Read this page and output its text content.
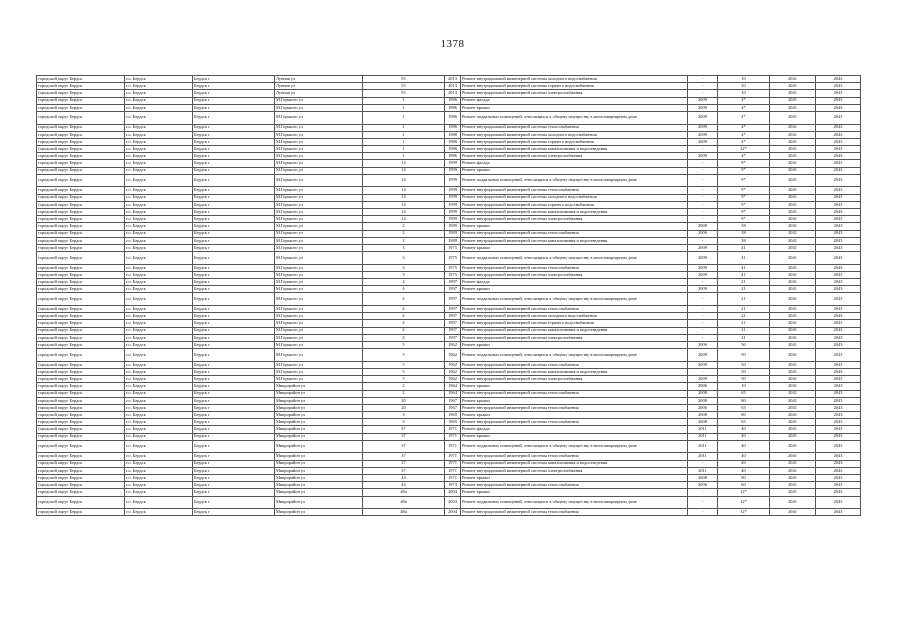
1378
городской округ Бердск	г.о. Бердск	Бердск г	Лунная ул	55	2013	Ремонт внутридомовой инженерной системы холодного водоснабжения	-	10	2041	2043
городской округ Бердск	г.о. Бердск	Бердск г	Лунная ул	55	2013	Ремонт внутридомовой инженерной системы горячего водоснабжения	-	20	2041	2043
городской округ Бердск	г.о. Бердск	Бердск г	Лунная ул	55	2013	Ремонт внутридомовой инженерной системы электроснабжения	-	10	2041	2043
городской округ Бердск	г.о. Бердск	Бердск г	М.Горького ул	1	1986	Ремонт фасада	2009	4*	2041	2043
городской округ Бердск	г.о. Бердск	Бердск г	М.Горького ул	1	1986	Ремонт крыши	2009	4*	2041	2043
городской округ Бердск	г.о. Бердск	Бердск г	М.Горького ул	1	1986	Ремонт подвальных помещений, относящихся к общему имуществу в многоквартирном доме	2009	4*	2041	2043
городской округ Бердск	г.о. Бердск	Бердск г	М.Горького ул	1	1986	Ремонт внутридомовой инженерной системы теплоснабжения	2009	4*	2041	2043
городской округ Бердск	г.о. Бердск	Бердск г	М.Горького ул	1	1986	Ремонт внутридомовой инженерной системы холодного водоснабжения	2009	4*	2041	2043
городской округ Бердск	г.о. Бердск	Бердск г	М.Горького ул	1	1986	Ремонт внутридомовой инженерной системы горячего водоснабжения	2009	4*	2041	2043
городской округ Бердск	г.о. Бердск	Бердск г	М.Горького ул	1	1986	Ремонт внутридомовой инженерной системы канализования и водоотведения	-	22*	2041	2043
городской округ Бердск	г.о. Бердск	Бердск г	М.Горького ул	1	1986	Ремонт внутридомовой инженерной системы электроснабжения	2009	4*	2041	2043
городской округ Бердск	г.о. Бердск	Бердск г	М.Горького ул	14	1999	Ремонт фасада	-	9*	2041	2043
городской округ Бердск	г.о. Бердск	Бердск г	М.Горького ул	14	1999	Ремонт крыши	-	9*	2041	2043
городской округ Бердск	г.о. Бердск	Бердск г	М.Горького ул	14	1999	Ремонт подвальных помещений, относящихся к общему имуществу в многоквартирном доме	-	9*	2041	2043
городской округ Бердск	г.о. Бердск	Бердск г	М.Горького ул	14	1999	Ремонт внутридомовой инженерной системы теплоснабжения	-	9*	2041	2043
городской округ Бердск	г.о. Бердск	Бердск г	М.Горького ул	14	1999	Ремонт внутридомовой инженерной системы холодного водоснабжения	-	9*	2041	2043
городской округ Бердск	г.о. Бердск	Бердск г	М.Горького ул	14	1999	Ремонт внутридомовой инженерной системы горячего водоснабжения	-	9*	2041	2043
городской округ Бердск	г.о. Бердск	Бердск г	М.Горького ул	14	1999	Ремонт внутридомовой инженерной системы канализования и водоотведения	-	9*	2041	2043
городской округ Бердск	г.о. Бердск	Бердск г	М.Горького ул	14	1999	Ремонт внутридомовой инженерной системы электроснабжения	-	9*	2041	2043
городской округ Бердск	г.о. Бердск	Бердск г	М.Горького ул	2	1989	Ремонт крыши	2008	38	2041	2043
городской округ Бердск	г.о. Бердск	Бердск г	М.Горького ул	2	1989	Ремонт внутридомовой инженерной системы теплоснабжения	2006	38	2041	2043
городской округ Бердск	г.о. Бердск	Бердск г	М.Горького ул	2	1989	Ремонт внутридомовой инженерной системы канализования и водоотведения	-	38	2041	2043
городской округ Бердск	г.о. Бердск	Бердск г	М.Горького ул	3	1975	Ремонт крыши	2009	41	2041	2043
городской округ Бердск	г.о. Бердск	Бердск г	М.Горького ул	3	1975	Ремонт подвальных помещений, относящихся к общему имуществу в многоквартирном доме	2009	41	2041	2043
городской округ Бердск	г.о. Бердск	Бердск г	М.Горького ул	3	1975	Ремонт внутридомовой инженерной системы теплоснабжения	2009	41	2041	2043
городской округ Бердск	г.о. Бердск	Бердск г	М.Горького ул	3	1975	Ремонт внутридомовой инженерной системы электроснабжения	2009	41	2041	2043
городской округ Бердск	г.о. Бердск	Бердск г	М.Горького ул	4	1997	Ремонт фасада	-	21	2041	2043
городской округ Бердск	г.о. Бердск	Бердск г	М.Горького ул	4	1997	Ремонт крыши	2009	21	2041	2043
городской округ Бердск	г.о. Бердск	Бердск г	М.Горького ул	4	1997	Ремонт подвальных помещений, относящихся к общему имуществу в многоквартирном доме	-	21	2041	2043
городской округ Бердск	г.о. Бердск	Бердск г	М.Горького ул	4	1997	Ремонт внутридомовой инженерной системы теплоснабжения	-	21	2041	2043
городской округ Бердск	г.о. Бердск	Бердск г	М.Горького ул	4	1997	Ремонт внутридомовой инженерной системы холодного водоснабжения	-	21	2041	2043
городской округ Бердск	г.о. Бердск	Бердск г	М.Горького ул	4	1997	Ремонт внутридомовой инженерной системы горячего водоснабжения	-	21	2041	2043
городской округ Бердск	г.о. Бердск	Бердск г	М.Горького ул	4	1997	Ремонт внутридомовой инженерной системы канализования и водоотведения	-	21	2041	2043
городской округ Бердск	г.о. Бердск	Бердск г	М.Горького ул	4	1997	Ремонт внутридомовой инженерной системы электроснабжения	-	21	2041	2043
городской округ Бердск	г.о. Бердск	Бердск г	М.Горького ул	5	1962	Ремонт крыши	2006	50	2041	2043
городской округ Бердск	г.о. Бердск	Бердск г	М.Горького ул	5	1962	Ремонт подвальных помещений, относящихся к общему имуществу в многоквартирном доме	2009	50	2041	2043
городской округ Бердск	г.о. Бердск	Бердск г	М.Горького ул	5	1962	Ремонт внутридомовой инженерной системы теплоснабжения	2009	50	2041	2043
городской округ Бердск	г.о. Бердск	Бердск г	М.Горького ул	5	1962	Ремонт внутридомовой инженерной системы канализования и водоотведения	-	50	2041	2043
городской округ Бердск	г.о. Бердск	Бердск г	М.Горького ул	5	1962	Ремонт внутридомовой инженерной системы электроснабжения	2009	50	2041	2043
городской округ Бердск	г.о. Бердск	Бердск г	Микрорайон ул	2	1964	Ремонт крыши	2006	10	2041	2043
городской округ Бердск	г.о. Бердск	Бердск г	Микрорайон ул	2	1964	Ремонт внутридомовой инженерной системы теплоснабжения	2008	65	2041	2043
городской округ Бердск	г.о. Бердск	Бердск г	Микрорайон ул	20	1967	Ремонт крыши	2008	80	2041	2043
городской округ Бердск	г.о. Бердск	Бердск г	Микрорайон ул	20	1967	Ремонт внутридомовой инженерной системы теплоснабжения	2006	65	2041	2043
городской округ Бердск	г.о. Бердск	Бердск г	Микрорайон ул	3	1965	Ремонт крыши	2008	80	2041	2043
городской округ Бердск	г.о. Бердск	Бердск г	Микрорайон ул	3	1965	Ремонт внутридомовой инженерной системы теплоснабжения	2008	65	2041	2043
городской округ Бердск	г.о. Бердск	Бердск г	Микрорайон ул	37	1971	Ремонт фасада	2011	40	2041	2043
городской округ Бердск	г.о. Бердск	Бердск г	Микрорайон ул	37	1971	Ремонт крыши	2011	40	2041	2043
городской округ Бердск	г.о. Бердск	Бердск г	Микрорайон ул	37	1971	Ремонт подвальных помещений, относящихся к общему имуществу в многоквартирном доме	2011	40	2041	2043
городской округ Бердск	г.о. Бердск	Бердск г	Микрорайон ул	37	1971	Ремонт внутридомовой инженерной системы теплоснабжения	2011	40	2041	2043
городской округ Бердск	г.о. Бердск	Бердск г	Микрорайон ул	37	1971	Ремонт внутридомовой инженерной системы канализования и водоотведения	-	40	2041	2043
городской округ Бердск	г.о. Бердск	Бердск г	Микрорайон ул	37	1971	Ремонт внутридомовой инженерной системы электроснабжения	2011	40	2041	2043
городской округ Бердск	г.о. Бердск	Бердск г	Микрорайон ул	44	1971	Ремонт крыши	2008	80	2041	2043
городской округ Бердск	г.о. Бердск	Бердск г	Микрорайон ул	44	1973	Ремонт внутридомовой инженерной системы теплоснабжения	2006	60	2041	2043
городской округ Бердск	г.о. Бердск	Бердск г	Микрорайон ул	48а	2004	Ремонт крыши	-	12*	2041	2043
городской округ Бердск	г.о. Бердск	Бердск г	Микрорайон ул	48а	2004	Ремонт подвальных помещений, относящихся к общему имуществу в многоквартирном доме	-	12*	2041	2043
городской округ Бердск	г.о. Бердск	Бердск г	Микрорайон ул	48а	2004	Ремонт внутридомовой инженерной системы теплоснабжения	-	12*	2041	2043
